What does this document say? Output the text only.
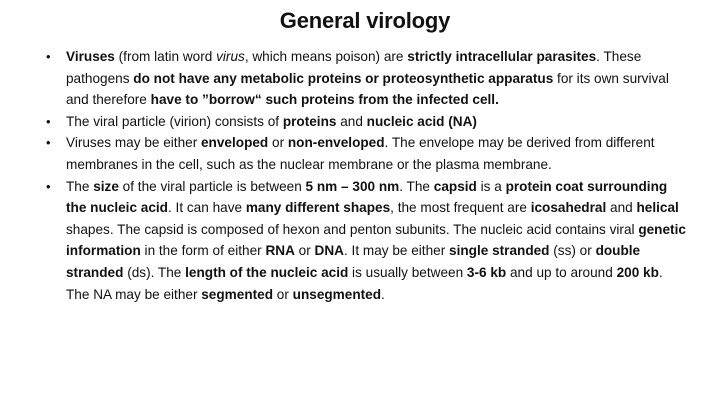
General virology
• Viruses (from latin word virus, which means poison) are strictly intracellular parasites. These pathogens do not have any metabolic proteins or proteosynthetic apparatus for its own survival and therefore have to ”borrow“ such proteins from the infected cell.
• The viral particle (virion) consists of proteins and nucleic acid (NA)
• Viruses may be either enveloped or non-enveloped. The envelope may be derived from different membranes in the cell, such as the nuclear membrane or the plasma membrane.
• The size of the viral particle is between 5 nm – 300 nm. The capsid is a protein coat surrounding the nucleic acid. It can have many different shapes, the most frequent are icosahedral and helical shapes. The capsid is composed of hexon and penton subunits. The nucleic acid contains viral genetic information in the form of either RNA or DNA. It may be either single stranded (ss) or double stranded (ds). The length of the nucleic acid is usually between 3-6 kb and up to around 200 kb. The NA may be either segmented or unsegmented.
